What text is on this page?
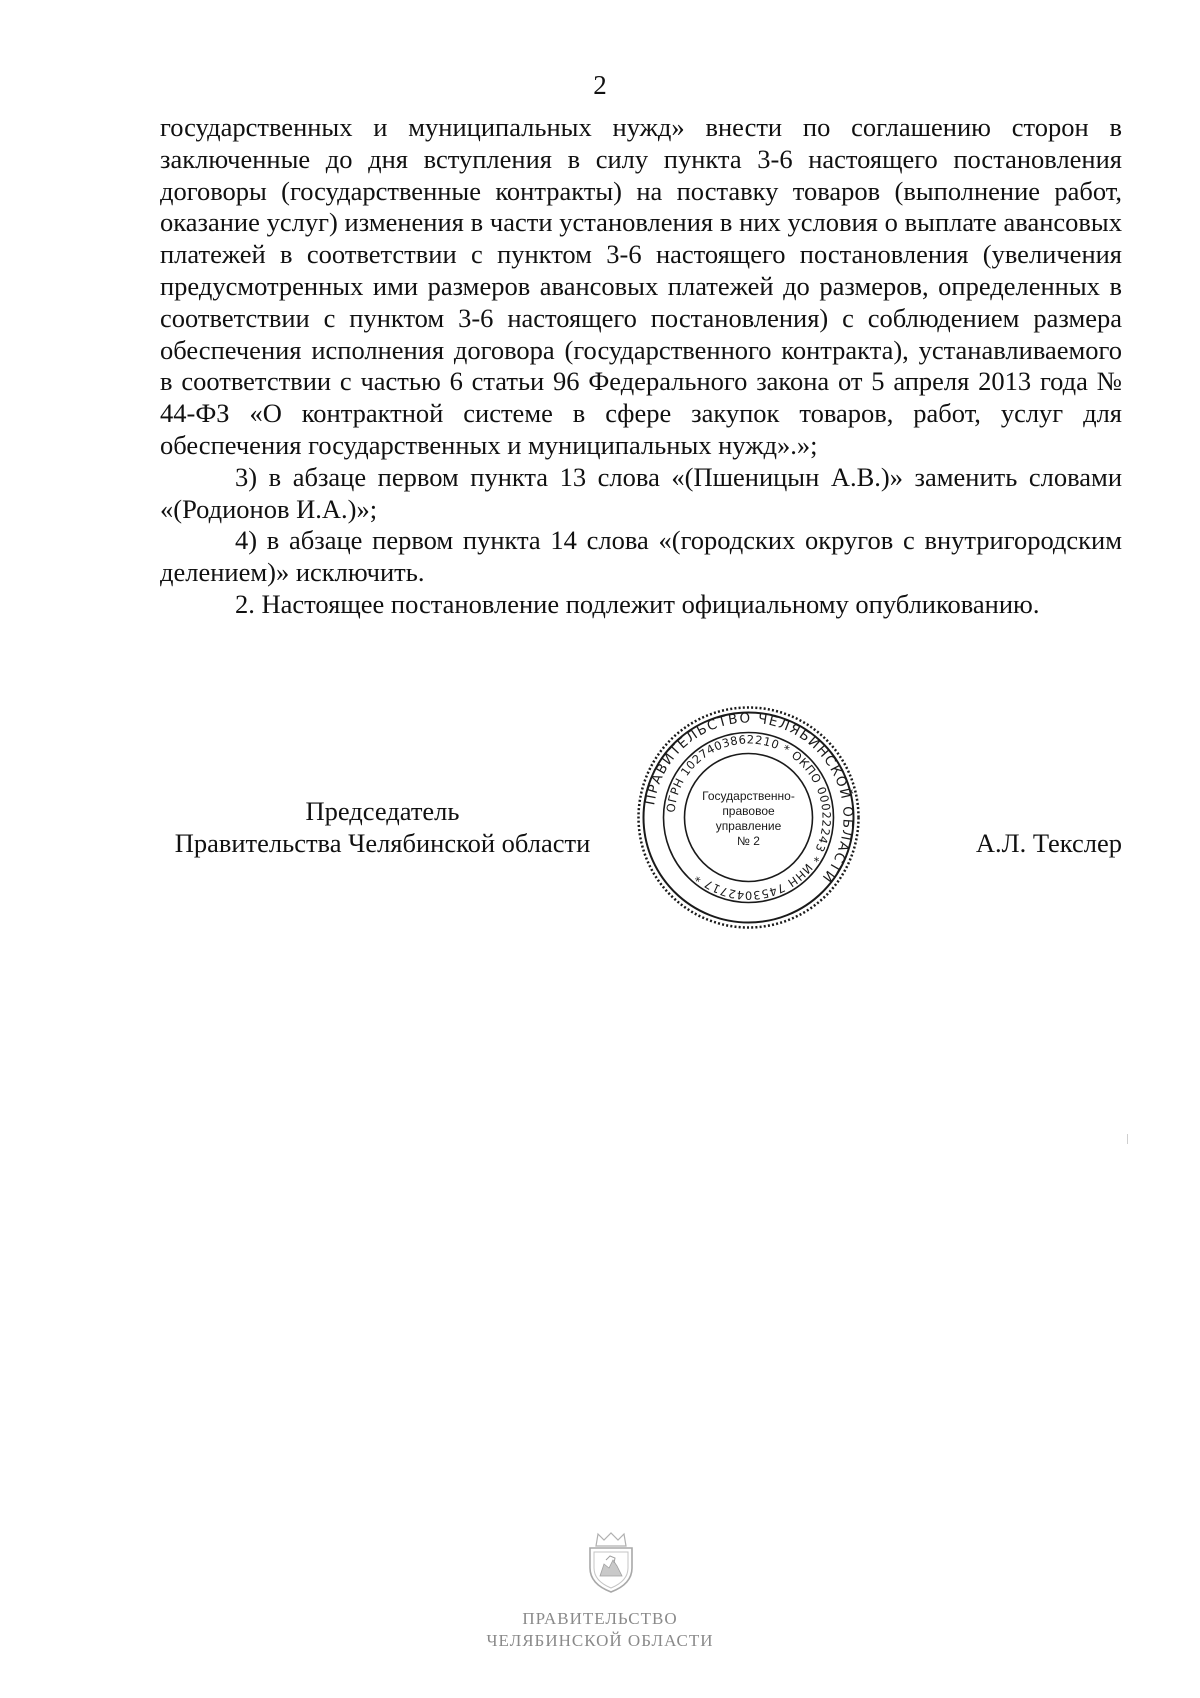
2

государственных и муниципальных нужд» внести по соглашению сторон в заключенные до дня вступления в силу пункта 3-6 настоящего постановления договоры (государственные контракты) на поставку товаров (выполнение работ, оказание услуг) изменения в части установления в них условия о выплате авансовых платежей в соответствии с пунктом 3-6 настоящего постановления (увеличения предусмотренных ими размеров авансовых платежей до размеров, определенных в соответствии с пунктом 3-6 настоящего постановления) с соблюдением размера обеспечения исполнения договора (государственного контракта), устанавливаемого в соответствии с частью 6 статьи 96 Федерального закона от 5 апреля 2013 года № 44-ФЗ «О контрактной системе в сфере закупок товаров, работ, услуг для обеспечения государственных и муниципальных нужд».»;

3) в абзаце первом пункта 13 слова «(Пшеницын А.В.)» заменить словами «(Родионов И.А.)»;

4) в абзаце первом пункта 14 слова «(городских округов с внутригородским делением)» исключить.

2. Настоящее постановление подлежит официальному опубликованию.

Председатель
Правительства Челябинской области	А.Л. Текслер
ПРАВИТЕЛЬСТВО ЧЕЛЯБИНСКОЙ ОБЛАСТИ
ОГРН 1027403862210 * ОКПО 00022243 * ИНН 7453042717 *
Государственно-
правовое
управление
№ 2
ПРАВИТЕЛЬСТВО
ЧЕЛЯБИНСКОЙ ОБЛАСТИ
